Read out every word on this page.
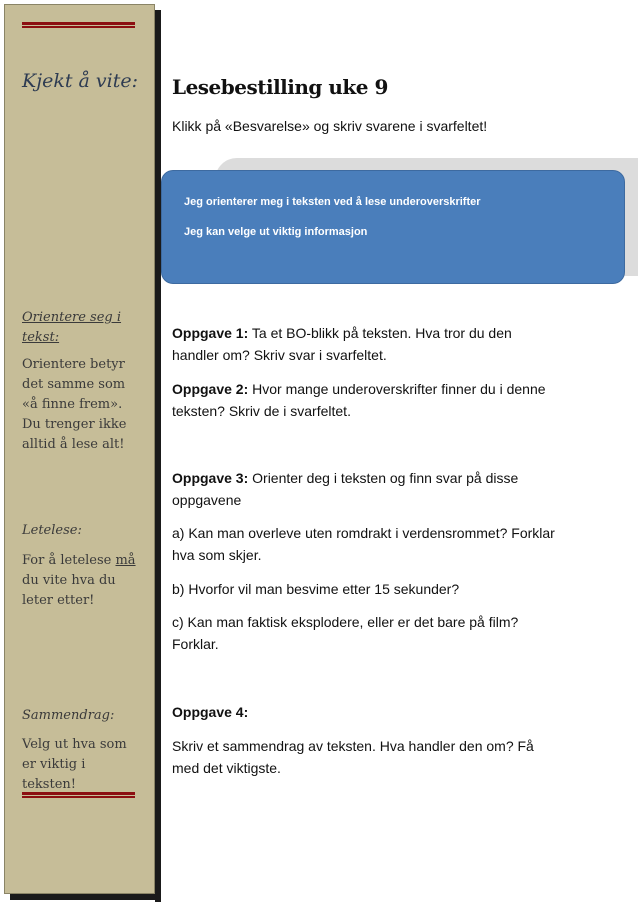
Kjekt å vite:
Orientere seg i tekst:
Orientere betyr
det samme som
«å finne frem».
Du trenger ikke
alltid å lese alt!
Letelese:
For å letelese må
du vite hva du
leter etter!
Sammendrag:
Velg ut hva som
er viktig i
teksten!
Lesebestilling uke 9
Klikk på «Besvarelse» og skriv svarene i svarfeltet!
Jeg orienterer meg i teksten ved å lese underoverskrifter
Jeg kan velge ut viktig informasjon
Oppgave 1: Ta et BO-blikk på teksten. Hva tror du den handler om? Skriv svar i svarfeltet.
Oppgave 2: Hvor mange underoverskrifter finner du i denne teksten? Skriv de i svarfeltet.
Oppgave 3: Orienter deg i teksten og finn svar på disse oppgavene
a) Kan man overleve uten romdrakt i verdensrommet? Forklar hva som skjer.
b) Hvorfor vil man besvime etter 15 sekunder?
c) Kan man faktisk eksplodere, eller er det bare på film? Forklar.
Oppgave 4:
Skriv et sammendrag av teksten. Hva handler den om? Få med det viktigste.
